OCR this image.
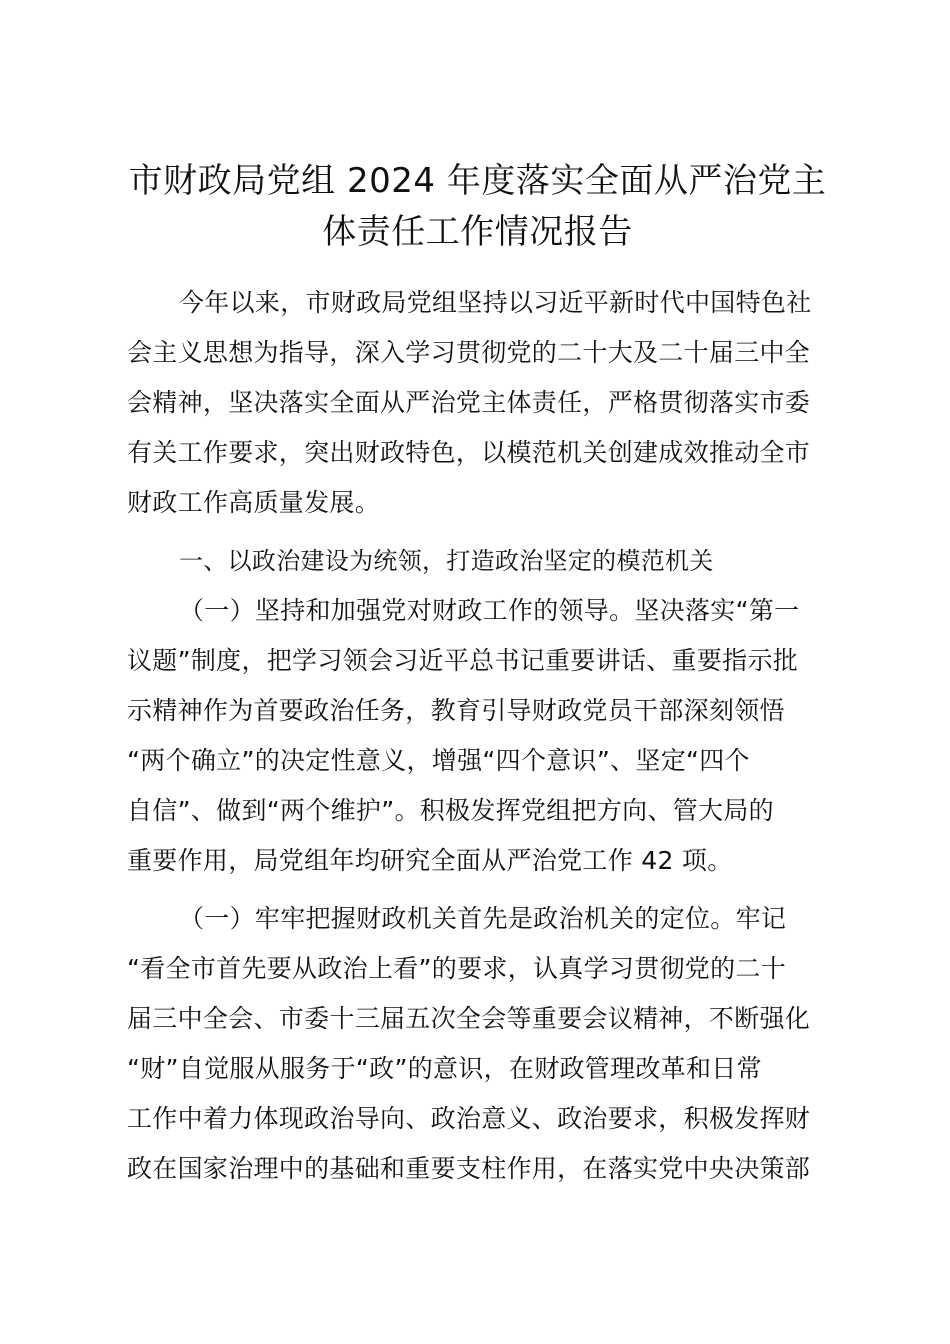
市财政局党组 2024 年度落实全面从严治党主
体责任工作情况报告

今年以来，市财政局党组坚持以习近平新时代中国特色社
会主义思想为指导，深入学习贯彻党的二十大及二十届三中全
会精神，坚决落实全面从严治党主体责任，严格贯彻落实市委
有关工作要求，突出财政特色，以模范机关创建成效推动全市
财政工作高质量发展。

一、以政治建设为统领，打造政治坚定的模范机关

（一）坚持和加强党对财政工作的领导。坚决落实“第一
议题”制度，把学习领会习近平总书记重要讲话、重要指示批
示精神作为首要政治任务，教育引导财政党员干部深刻领悟
“两个确立”的决定性意义，增强“四个意识”、坚定“四个
自信”、做到“两个维护”。积极发挥党组把方向、管大局的
重要作用，局党组年均研究全面从严治党工作 42 项。

（一）牢牢把握财政机关首先是政治机关的定位。牢记
“看全市首先要从政治上看”的要求，认真学习贯彻党的二十
届三中全会、市委十三届五次全会等重要会议精神，不断强化
“财”自觉服从服务于“政”的意识，在财政管理改革和日常
工作中着力体现政治导向、政治意义、政治要求，积极发挥财
政在国家治理中的基础和重要支柱作用，在落实党中央决策部
